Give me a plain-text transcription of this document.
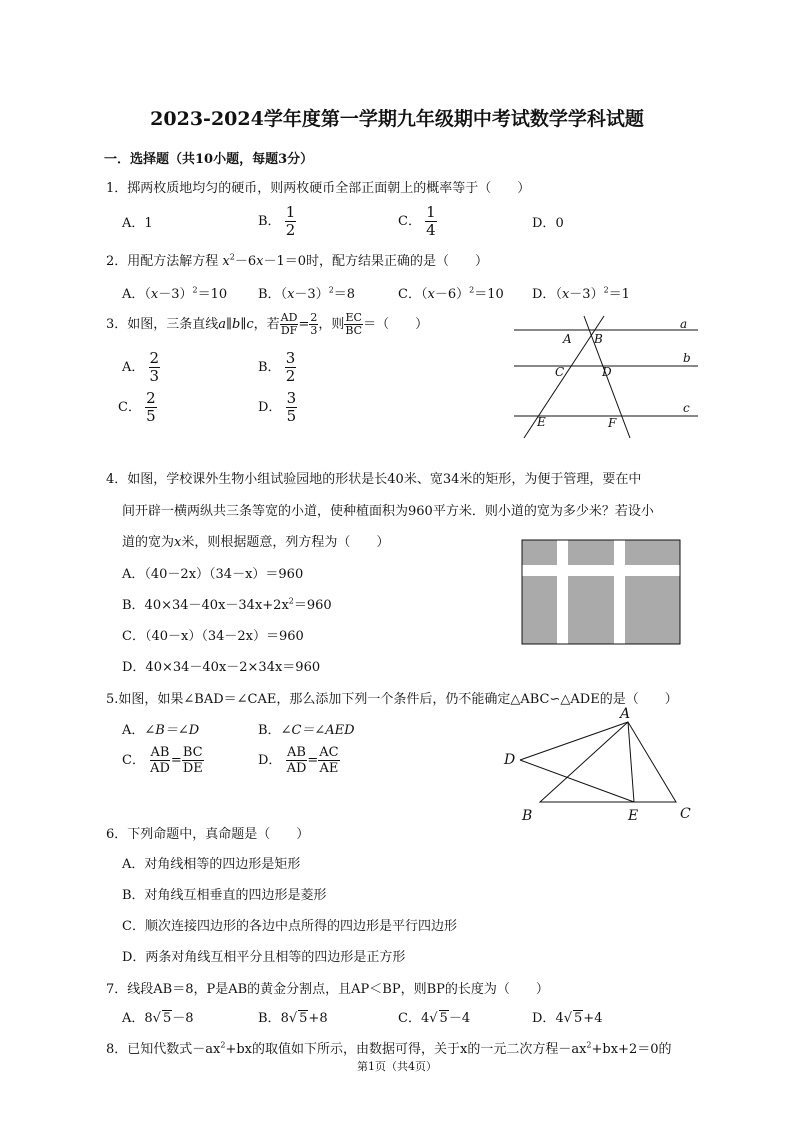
2023-2024学年度第一学期九年级期中考试数学学科试题
一．选择题（共10小题，每题3分）
1．掷两枚质地均匀的硬币，则两枚硬币全部正面朝上的概率等于（　　）
A．1	B． $\frac{1}{2}$	C． $\frac{1}{4}$	D．0
2．用配方法解方程 $x^2-6x-1=0$时，配方结果正确的是（　　）
A．$(x-3)^2=10$ B．$(x-3)^2=8$	C．$(x-6)^2=10$ D．$(x-3)^2=1$
3．如图，三条直线a∥b∥c，若 $\frac{AD}{DF} = \frac{2}{3}$ ，则 $\frac{EC}{BC}$ ＝（　　）
A． $\frac{2}{3}$	B． $\frac{3}{2}$
C． $\frac{2}{5}$	D． $\frac{3}{5}$
a
b
c
A B
C	D
E	F
4．如图，学校课外生物小组试验园地的形状是长40米、宽34米的矩形，为便于管理，要在中
间开辟一横两纵共三条等宽的小道，使种植面积为960平方米．则小道的宽为多少米？若设小
道的宽为x米，则根据题意，列方程为（　　）
A．（40－2x）（34－x）＝960
B．$40\times 34-40x-34x+2x^2=960$
C．（40－x）（34－2x）＝960
D．40×34－40x－2×34x＝960
5.如图，如果∠BAD＝∠CAE，那么添加下列一个条件后，仍不能确定△ABC∽△ADE的是（　　）
A．∠B＝∠D	B．∠C＝∠AED
C． $\frac{AB}{AD} = \frac{BC}{DE}$	D． $\frac{AB}{AD} = \frac{AC}{AE}$
A
B	C
D
E
6．下列命题中，真命题是（　　）
A．对角线相等的四边形是矩形
B．对角线互相垂直的四边形是菱形
C．顺次连接四边形的各边中点所得的四边形是平行四边形
D．两条对角线互相平分且相等的四边形是正方形
7．线段AB＝8，P是AB的黄金分割点，且AP＜BP，则BP的长度为（　　）
A．8√ 5－8	B．8√ 5+8	C．4√ 5－4	D．4√ 5+4
8．已知代数式$-ax^2+bx$的取值如下所示，由数据可得，关于x的一元二次方程$-ax^2+bx+2=0$的
第1页（共4页）
